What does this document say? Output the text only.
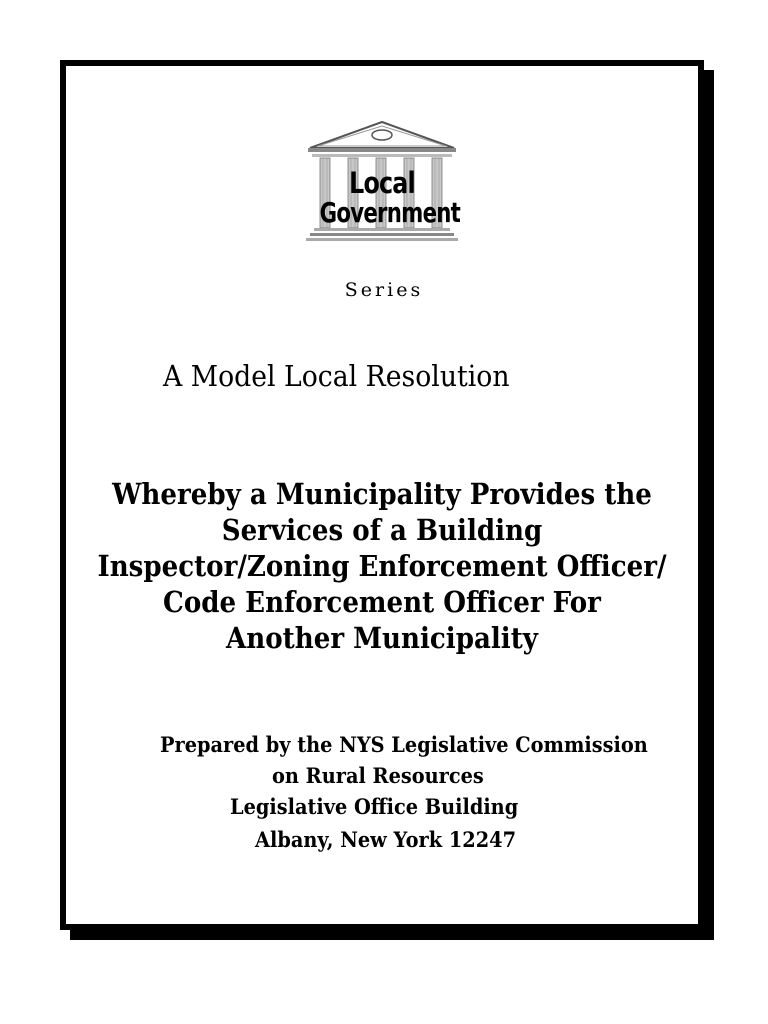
Local
Government
Series
A Model Local Resolution
Whereby a Municipality Provides the
Services of a Building
Inspector/Zoning Enforcement Officer/
Code Enforcement Officer For
Another Municipality
Prepared by the NYS Legislative Commission
on Rural Resources
Legislative Office Building
Albany, New York 12247
